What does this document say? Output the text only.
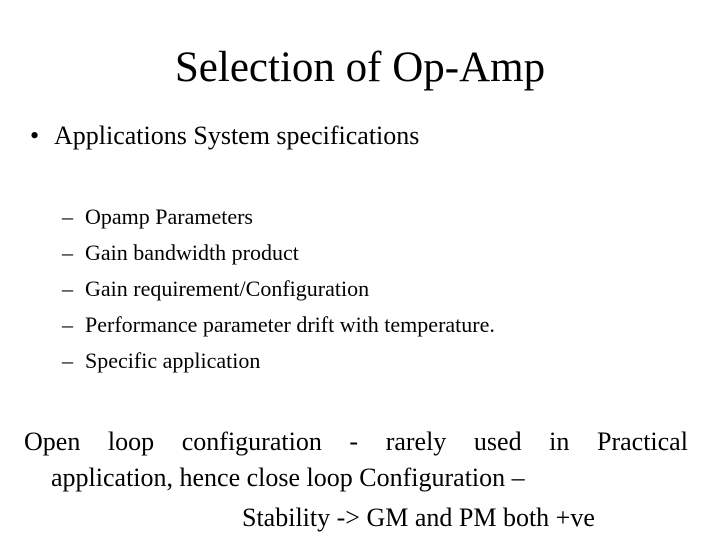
Selection of Op-Amp
• Applications System specifications
– Opamp Parameters
– Gain bandwidth product
– Gain requirement/Configuration
– Performance parameter drift with temperature.
– Specific application
Open loop configuration - rarely used in Practical
application, hence close loop Configuration –
Stability -> GM and PM both +ve
